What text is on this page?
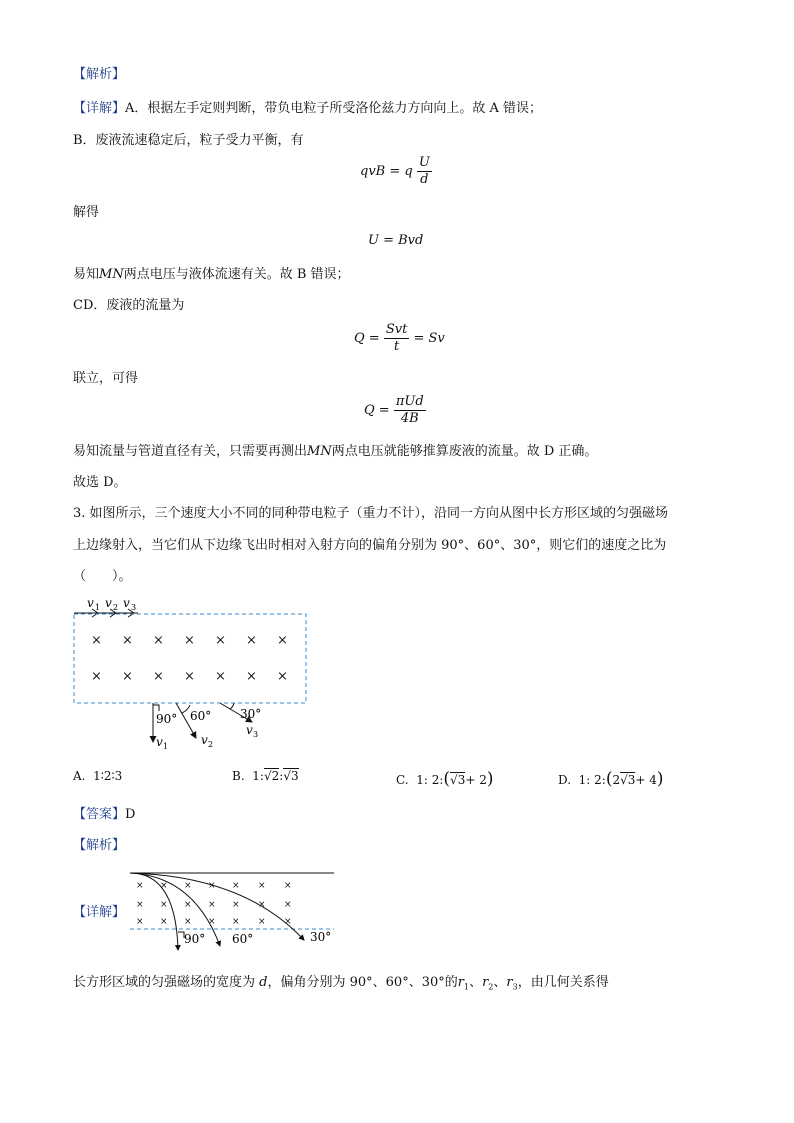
【解析】
【详解】A．根据左手定则判断，带负电粒子所受洛伦兹力方向向上。故 A 错误；
B．废液流速稳定后，粒子受力平衡，有
qvB = q $\frac{U}{d}$
解得
U = Bvd
易知MN两点电压与液体流速有关。故 B 错误；
CD．废液的流量为
$Q = \frac{\text{Svt}}{t} = Sv$
联立，可得
$Q = \frac{\text{πUd}}{4B}$
易知流量与管道直径有关，只需要再测出MN两点电压就能够推算废液的流量。故 D 正确。
故选 D。
3. 如图所示，三个速度大小不同的同种带电粒子（重力不计），沿同一方向从图中长方形区域的匀强磁场
上边缘射入，当它们从下边缘飞出时相对入射方向的偏角分别为 90°、60°、30°，则它们的速度之比为
（　　）。
v 1 v 2 v 3
× × × × × × ×
× × × × × × ×
90° 60° 30°
v 1	v 2
v 3
A. 1∶2∶3	B. 1:√2:√3	C. 1: 2:(√3+ 2)	D. 1: 2:(2√3+ 4)
【答案】D
【解析】
【详解】
× × × × × × ×
× × × × × × ×
× × × × × × ×
90° 60°	30°
长方形区域的匀强磁场的宽度为 d，偏角分别为 90°、60°、30°的$r_1$、$r_2$、$r_3$，由几何关系得
